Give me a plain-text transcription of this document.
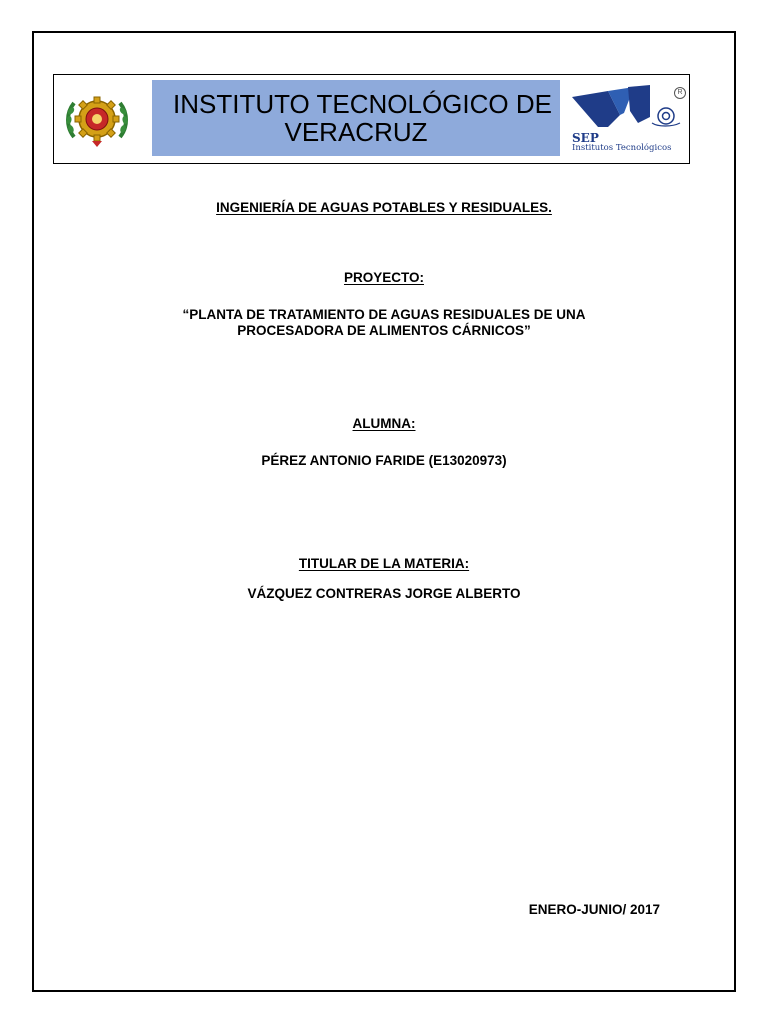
INSTITUTO TECNOLÓGICO DE
VERACRUZ	SEP
Institutos Tecnológicos
R
INGENIERÍA DE AGUAS POTABLES Y RESIDUALES.
PROYECTO:
“PLANTA DE TRATAMIENTO DE AGUAS RESIDUALES DE UNA
PROCESADORA DE ALIMENTOS CÁRNICOS”
ALUMNA:
PÉREZ ANTONIO FARIDE (E13020973)
TITULAR DE LA MATERIA:
VÁZQUEZ CONTRERAS JORGE ALBERTO
ENERO-JUNIO/ 2017
